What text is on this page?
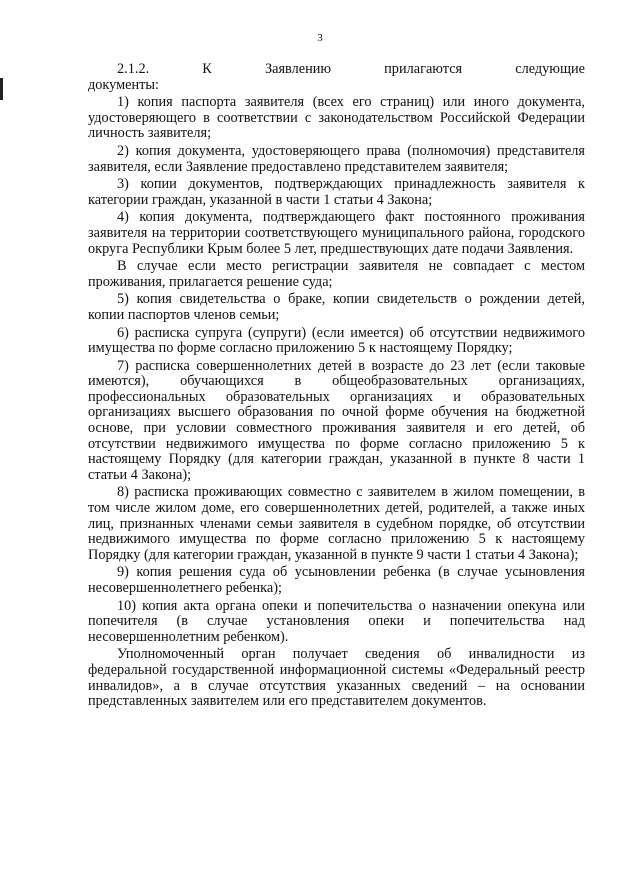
3
2.1.2.	К	Заявлению	прилагаются	следующие

документы:

1) копия паспорта заявителя (всех его страниц) или иного документа, удостоверяющего в соответствии с законодательством Российской Федерации личность заявителя;

2) копия документа, удостоверяющего права (полномочия) представителя заявителя, если Заявление предоставлено представителем заявителя;

3) копии документов, подтверждающих принадлежность заявителя к категории граждан, указанной в части 1 статьи 4 Закона;

4) копия документа, подтверждающего факт постоянного проживания заявителя на территории соответствующего муниципального района, городского округа Республики Крым более 5 лет, предшествующих дате подачи Заявления.

В случае если место регистрации заявителя не совпадает с местом проживания, прилагается решение суда;

5) копия свидетельства о браке, копии свидетельств о рождении детей, копии паспортов членов семьи;

6) расписка супруга (супруги) (если имеется) об отсутствии недвижимого имущества по форме согласно приложению 5 к настоящему Порядку;

7) расписка совершеннолетних детей в возрасте до 23 лет (если таковые имеются), обучающихся в общеобразовательных организациях, профессиональных образовательных организациях и образовательных организациях высшего образования по очной форме обучения на бюджетной основе, при условии совместного проживания заявителя и его детей, об отсутствии недвижимого имущества по форме согласно приложению 5 к настоящему Порядку (для категории граждан, указанной в пункте 8 части 1 статьи 4 Закона);

8) расписка проживающих совместно с заявителем в жилом помещении, в том числе жилом доме, его совершеннолетних детей, родителей, а также иных лиц, признанных членами семьи заявителя в судебном порядке, об отсутствии недвижимого имущества по форме согласно приложению 5 к настоящему Порядку (для категории граждан, указанной в пункте 9 части 1 статьи 4 Закона);

9) копия решения суда об усыновлении ребенка (в случае усыновления несовершеннолетнего ребенка);

10) копия акта органа опеки и попечительства о назначении опекуна или попечителя (в случае установления опеки и попечительства над несовершеннолетним ребенком).

Уполномоченный орган получает сведения об инвалидности из федеральной государственной информационной системы «Федеральный реестр инвалидов», а в случае отсутствия указанных сведений – на основании представленных заявителем или его представителем документов.
